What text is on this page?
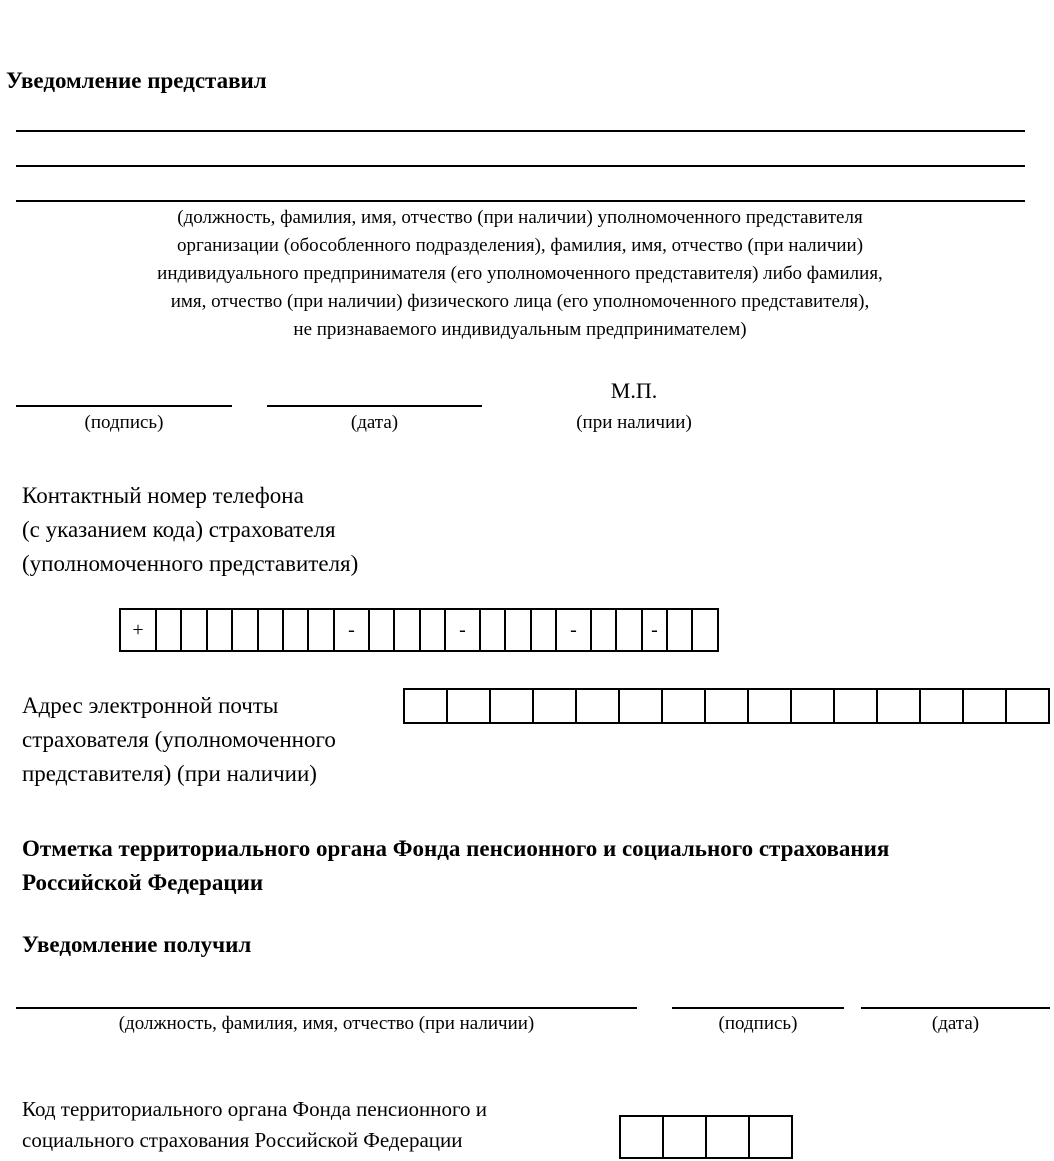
Уведомление представил
(должность, фамилия, имя, отчество (при наличии) уполномоченного представителя
организации (обособленного подразделения), фамилия, имя, отчество (при наличии)
индивидуального предпринимателя (его уполномоченного представителя) либо фамилия,
имя, отчество (при наличии) физического лица (его уполномоченного представителя),
не признаваемого индивидуальным предпринимателем)
(подпись)	(дата)
М.П.
(при наличии)
Контактный номер телефона
(с указанием кода) страхователя
(уполномоченного представителя)
+	-	-	-	-
Адрес электронной почты
страхователя (уполномоченного
представителя) (при наличии)
Отметка территориального органа Фонда пенсионного и социального страхования
Российской Федерации
Уведомление получил
(должность, фамилия, имя, отчество (при наличии)	(подпись)	(дата)
Код территориального органа Фонда пенсионного и
социального страхования Российской Федерации
